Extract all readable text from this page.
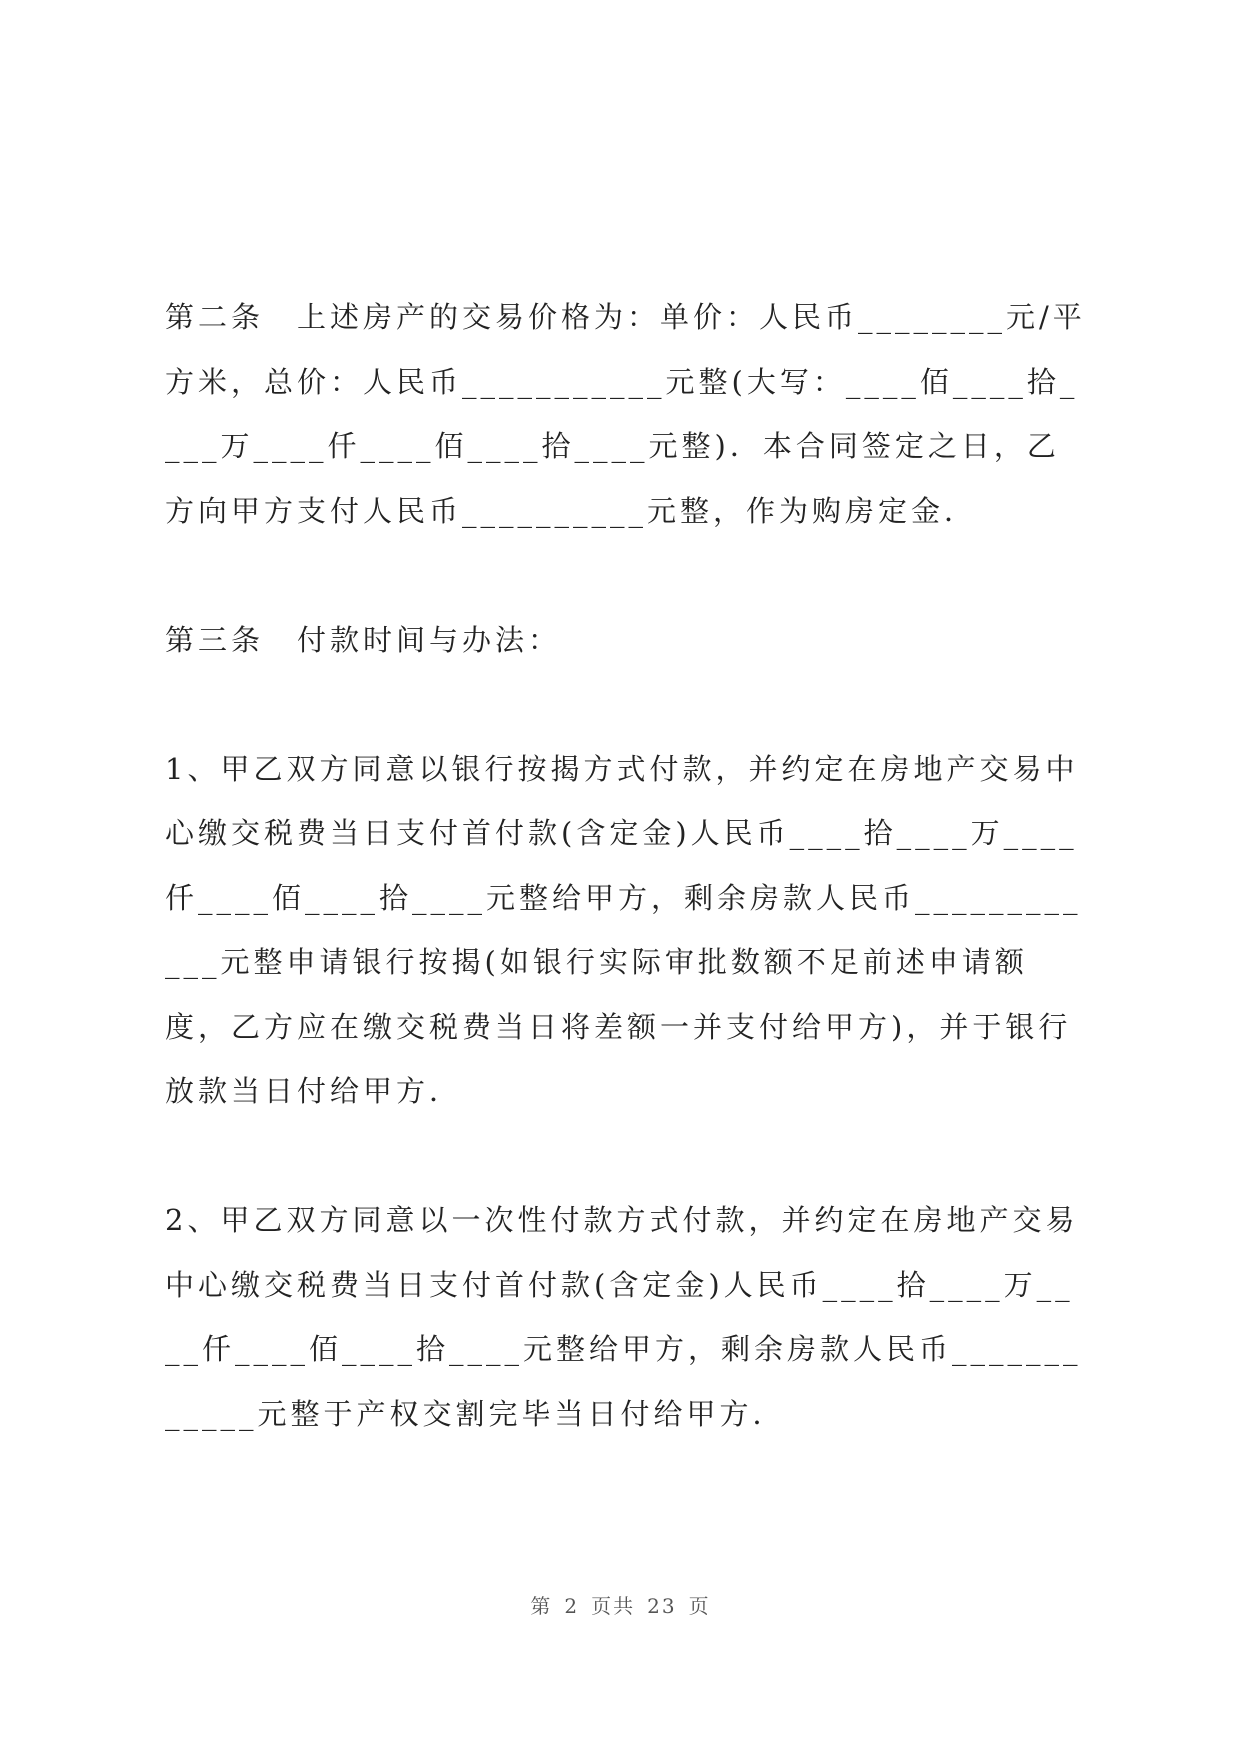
第二条　上述房产的交易价格为：单价：人民币________元/平方米，总价：人民币___________元整(大写：____佰____拾____万____仟____佰____拾____元整)．本合同签定之日，乙方向甲方支付人民币__________元整，作为购房定金．

第三条　付款时间与办法：

1、甲乙双方同意以银行按揭方式付款，并约定在房地产交易中心缴交税费当日支付首付款(含定金)人民币____拾____万____仟____佰____拾____元整给甲方，剩余房款人民币____________元整申请银行按揭(如银行实际审批数额不足前述申请额度，乙方应在缴交税费当日将差额一并支付给甲方)，并于银行放款当日付给甲方．

2、甲乙双方同意以一次性付款方式付款，并约定在房地产交易中心缴交税费当日支付首付款(含定金)人民币____拾____万____仟____佰____拾____元整给甲方，剩余房款人民币____________元整于产权交割完毕当日付给甲方．

第 2 页共 23 页
